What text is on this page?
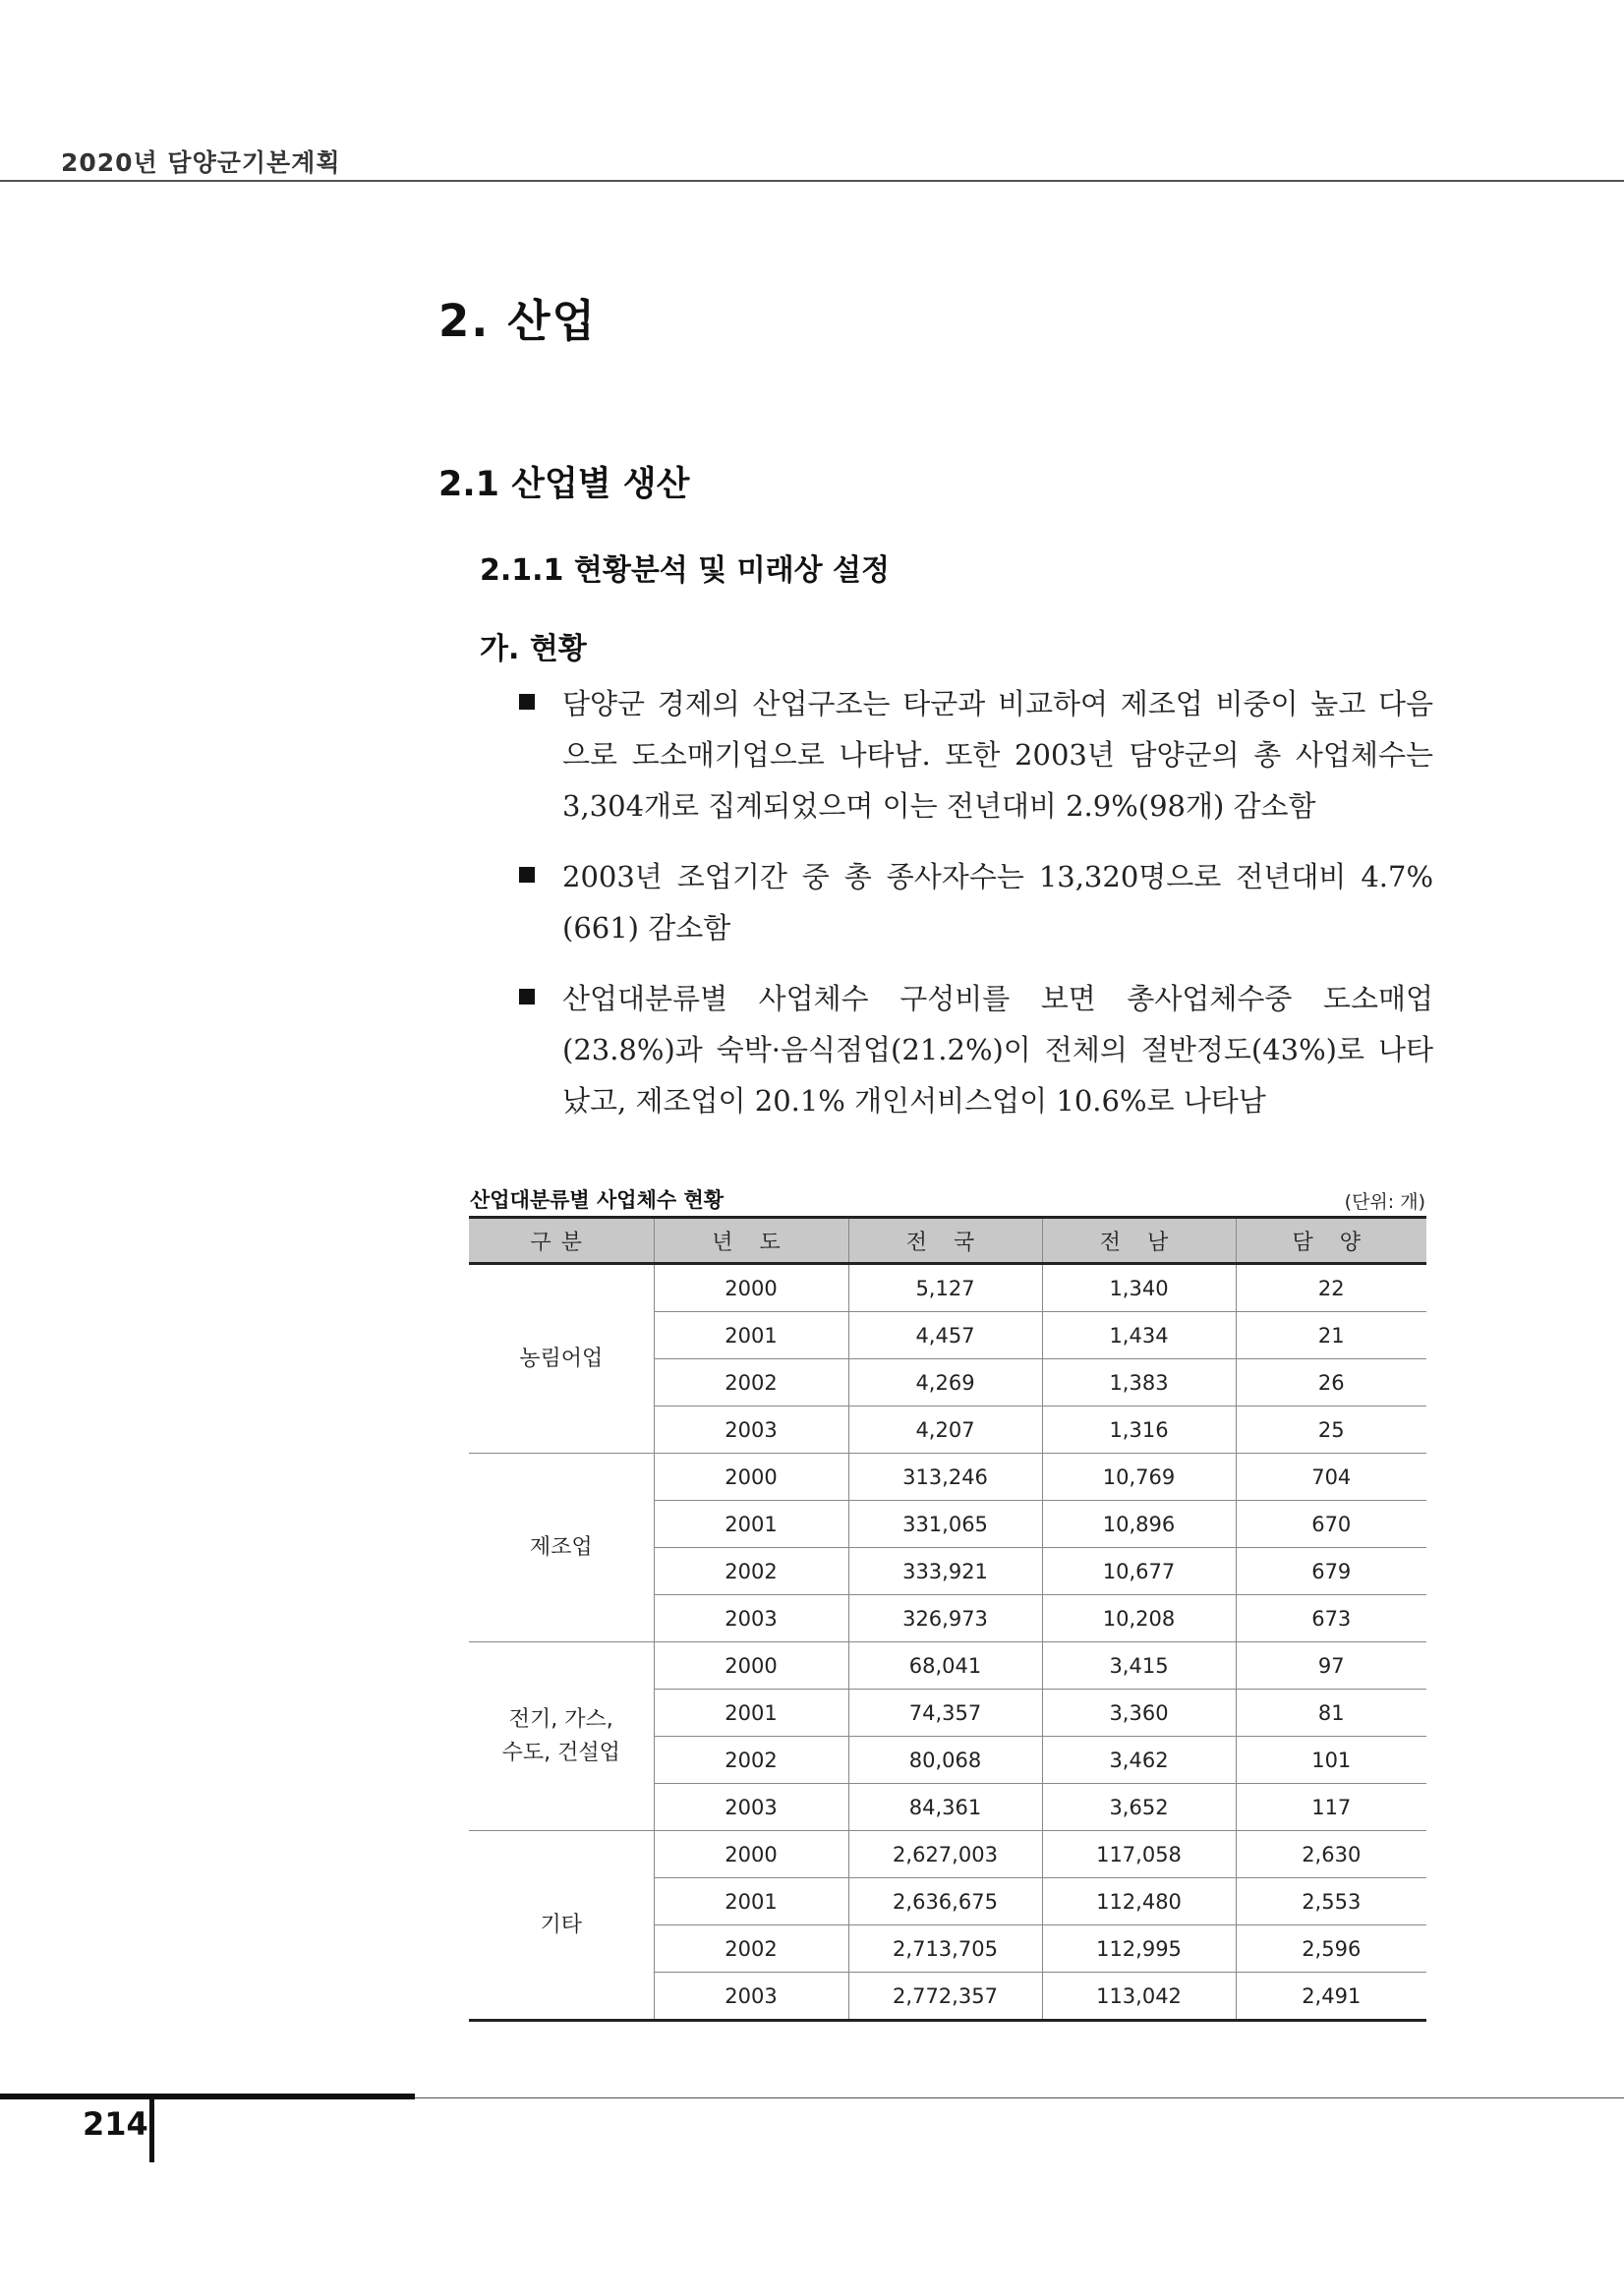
2020년 담양군기본계획
2. 산업
2.1 산업별 생산
2.1.1 현황분석 및 미래상 설정
가. 현황
담양군 경제의 산업구조는 타군과 비교하여 제조업 비중이 높고 다음으로 도소매기업으로 나타남. 또한 2003년 담양군의 총 사업체수는 3,304개로 집계되었으며 이는 전년대비 2.9%(98개) 감소함
2003년 조업기간 중 총 종사자수는 13,320명으로 전년대비 4.7%(661) 감소함
산업대분류별 사업체수 구성비를 보면 총사업체수중 도소매업(23.8%)과 숙박·음식점업(21.2%)이 전체의 절반정도(43%)로 나타났고, 제조업이 20.1% 개인서비스업이 10.6%로 나타남
산업대분류별 사업체수 현황	(단위: 개)
구분	년 도	전 국	전 남	담 양
농림어업	2000	5,127	1,340	22
	2001	4,457	1,434	21
	2002	4,269	1,383	26
	2003	4,207	1,316	25
제조업	2000	313,246	10,769	704
	2001	331,065	10,896	670
	2002	333,921	10,677	679
	2003	326,973	10,208	673
전기, 가스,
수도, 건설업	2000	68,041	3,415	97
	2001	74,357	3,360	81
	2002	80,068	3,462	101
	2003	84,361	3,652	117
기타	2000	2,627,003	117,058	2,630
	2001	2,636,675	112,480	2,553
	2002	2,713,705	112,995	2,596
	2003	2,772,357	113,042	2,491
214
